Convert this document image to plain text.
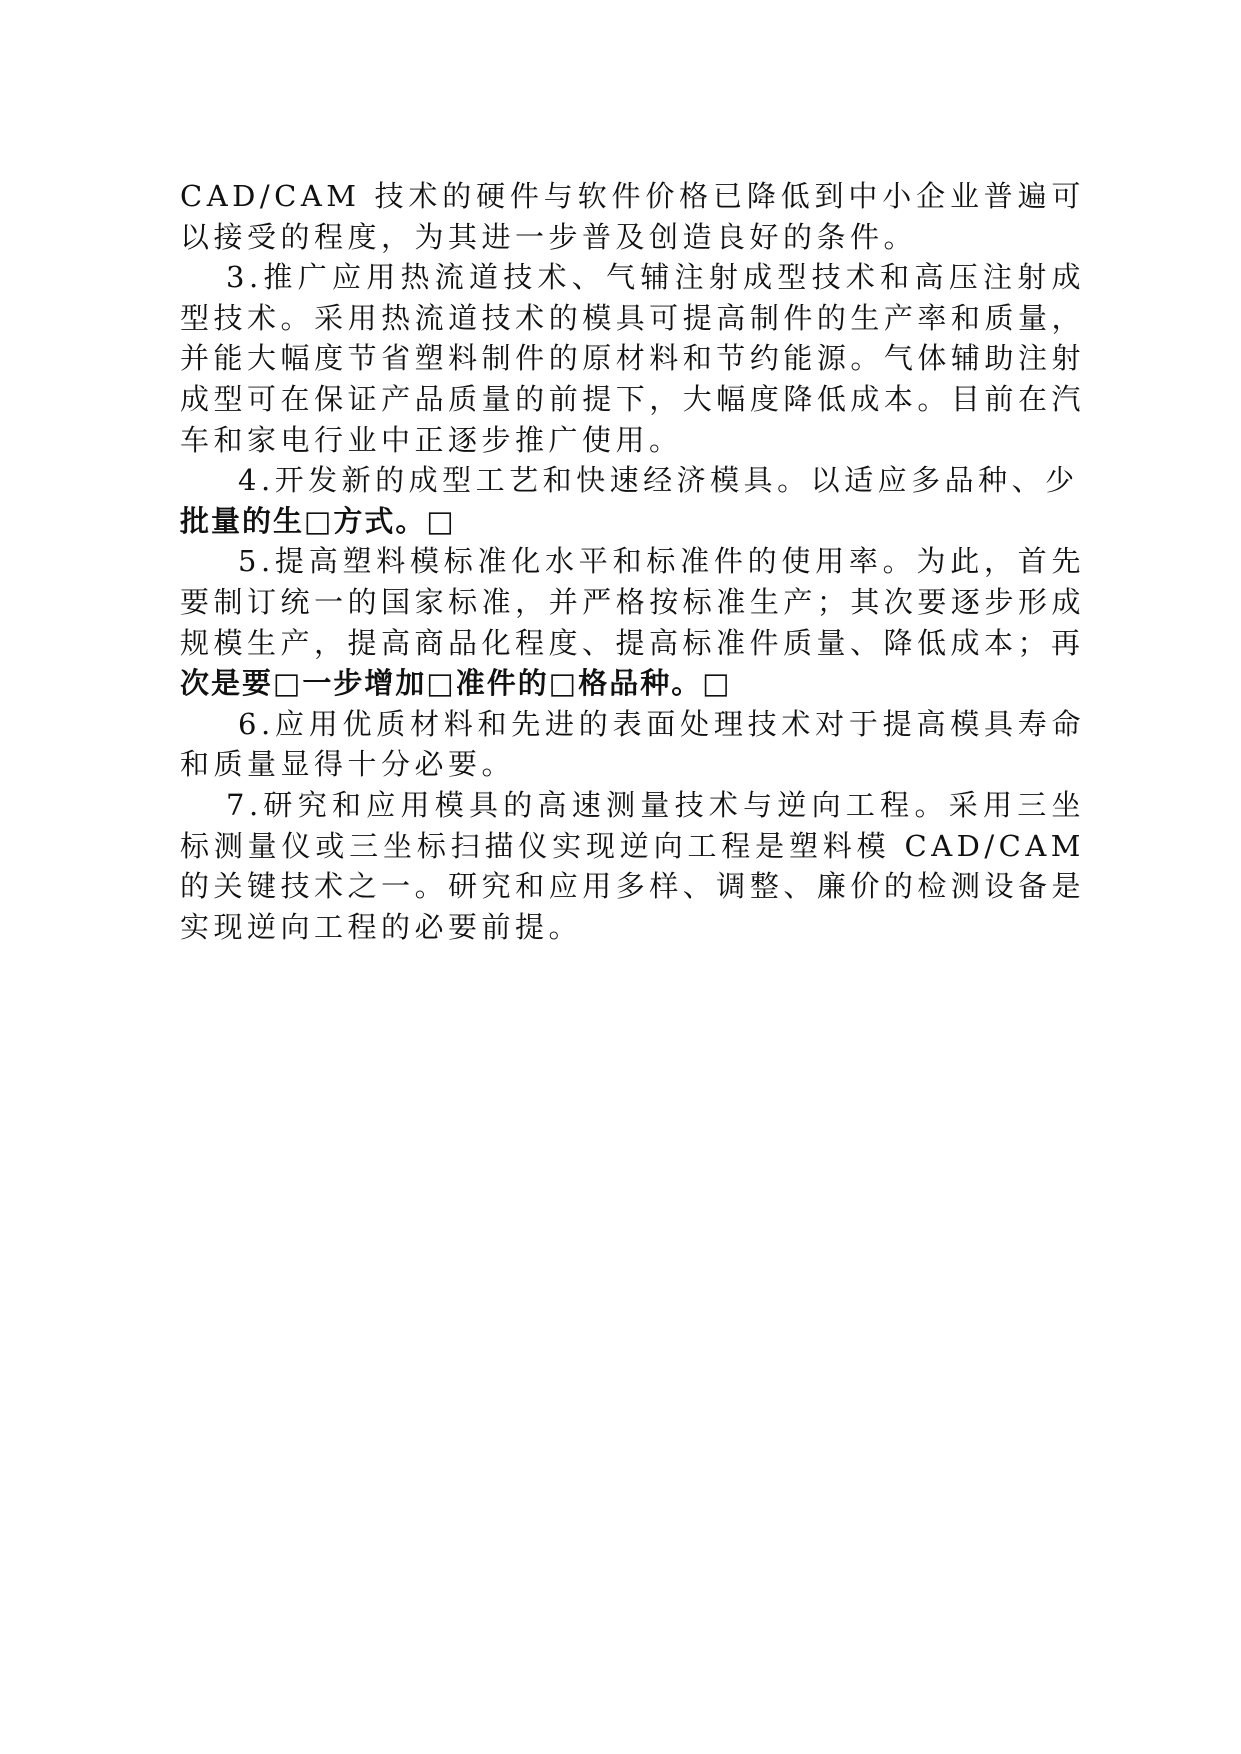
CAD/CAM 技术的硬件与软件价格已降低到中小企业普遍可以接受的程度，为其进一步普及创造良好的条件。

3.推广应用热流道技术、气辅注射成型技术和高压注射成型技术。采用热流道技术的模具可提高制件的生产率和质量，并能大幅度节省塑料制件的原材料和节约能源。气体辅助注射成型可在保证产品质量的前提下，大幅度降低成本。目前在汽车和家电行业中正逐步推广使用。

4.开发新的成型工艺和快速经济模具。以适应多品种、少
批量的生□方式。□

5.提高塑料模标准化水平和标准件的使用率。为此，首先要制订统一的国家标准，并严格按标准生产；其次要逐步形成规模生产，提高商品化程度、提高标准件质量、降低成本；再
次是要□一步增加□准件的□格品种。□

6.应用优质材料和先进的表面处理技术对于提高模具寿命和质量显得十分必要。

7.研究和应用模具的高速测量技术与逆向工程。采用三坐标测量仪或三坐标扫描仪实现逆向工程是塑料模 CAD/CAM 的关键技术之一。研究和应用多样、调整、廉价的检测设备是实现逆向工程的必要前提。
